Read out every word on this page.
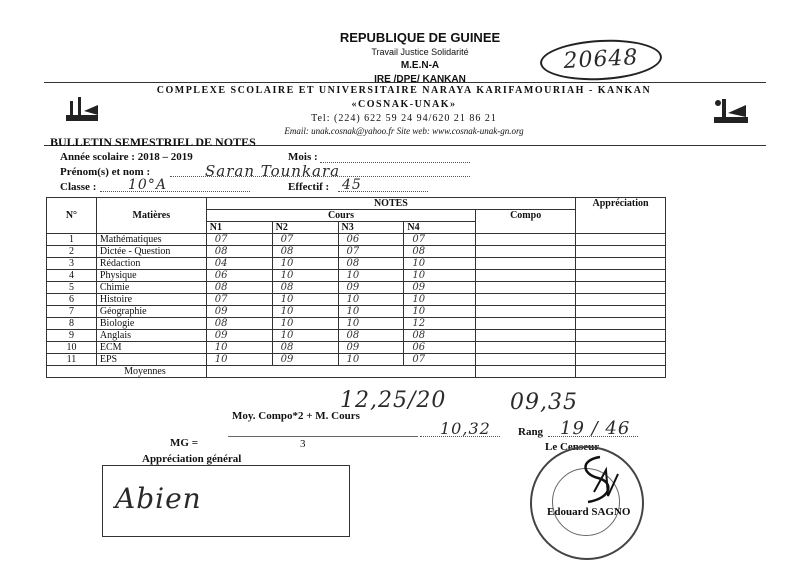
REPUBLIQUE DE GUINEE
Travail Justice Solidarité
M.E.N-A
IRE /DPE/ KANKAN
20648
COMPLEXE SCOLAIRE ET UNIVERSITAIRE NARAYA KARIFAMOURIAH - KANKAN
«COSNAK-UNAK»
Tel: (224) 622 59 24 94/620 21 86 21
Email: unak.cosnak@yahoo.fr Site web: www.cosnak-unak-gn.org
BULLETIN SEMESTRIEL DE NOTES
Année scolaire : 2018 – 2019	Mois :
Prénom(s) et nom :	Saran Tounkara
Classe : 10°A	Effectif : 45
N°	Matières	NOTES					Appréciation
		Cours				Compo	
		N1	N2	N3	N4		
1	Mathématiques	07	07	06	07		
2	Dictée - Question	08	08	07	08		
3	Rédaction	04	10	08	10		
4	Physique	06	10	10	10		
5	Chimie	08	08	09	09		
6	Histoire	07	10	10	10		
7	Géographie	09	10	10	10		
8	Biologie	08	10	10	12		
9	Anglais	09	10	08	08		
10	ECM	10	08	09	06		
11	EPS	10	09	10	07		
Moyennes							
12,25/20	09,35
Moy. Compo*2 + M. Cours
10,32 Rang 19 / 46
MG =	3	Le Censeur
Appréciation général
Abien	Edouard SAGNO
